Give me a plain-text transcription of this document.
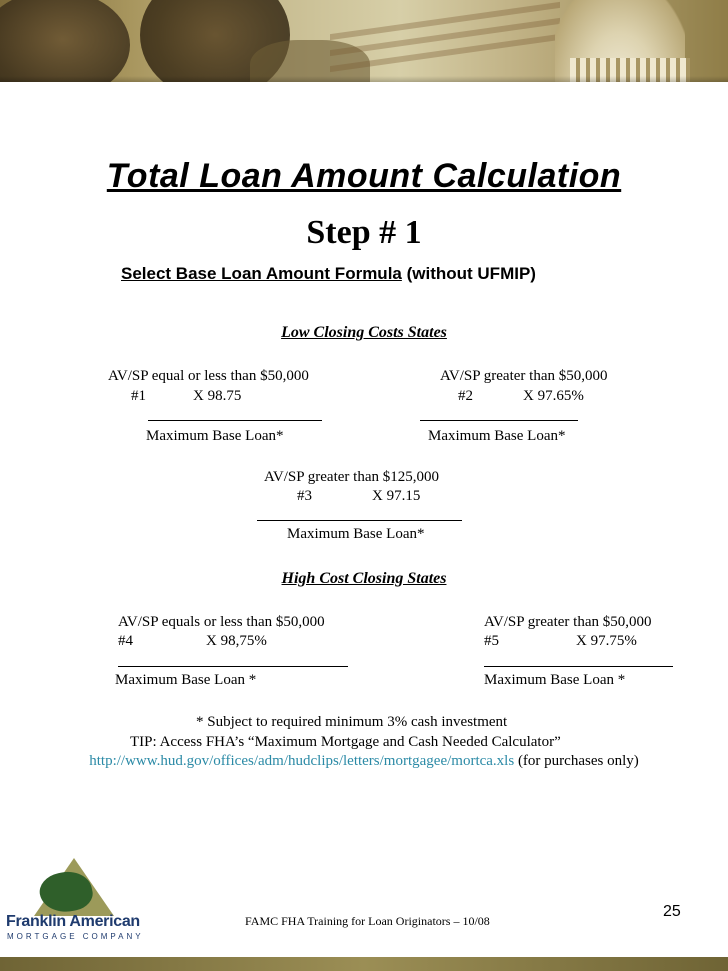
Total Loan Amount Calculation
Step # 1
Select Base Loan Amount Formula (without UFMIP)
Low Closing Costs States
AV/SP equal or less than $50,000
#1	X 98.75
Maximum Base Loan*
AV/SP greater than $50,000
#2	X 97.65%
Maximum Base Loan*
AV/SP greater than $125,000
#3	X 97.15
Maximum Base Loan*
High Cost Closing States
AV/SP equals or less than $50,000
#4	X 98,75%
Maximum Base Loan *
AV/SP greater than $50,000
#5	X 97.75%
Maximum Base Loan *
* Subject to required minimum 3% cash investment
TIP: Access FHA’s “Maximum Mortgage and Cash Needed Calculator”
http://www.hud.gov/offices/adm/hudclips/letters/mortgagee/mortca.xls (for purchases only)
Franklin American
MORTGAGE COMPANY
FAMC FHA Training for Loan Originators – 10/08
25
